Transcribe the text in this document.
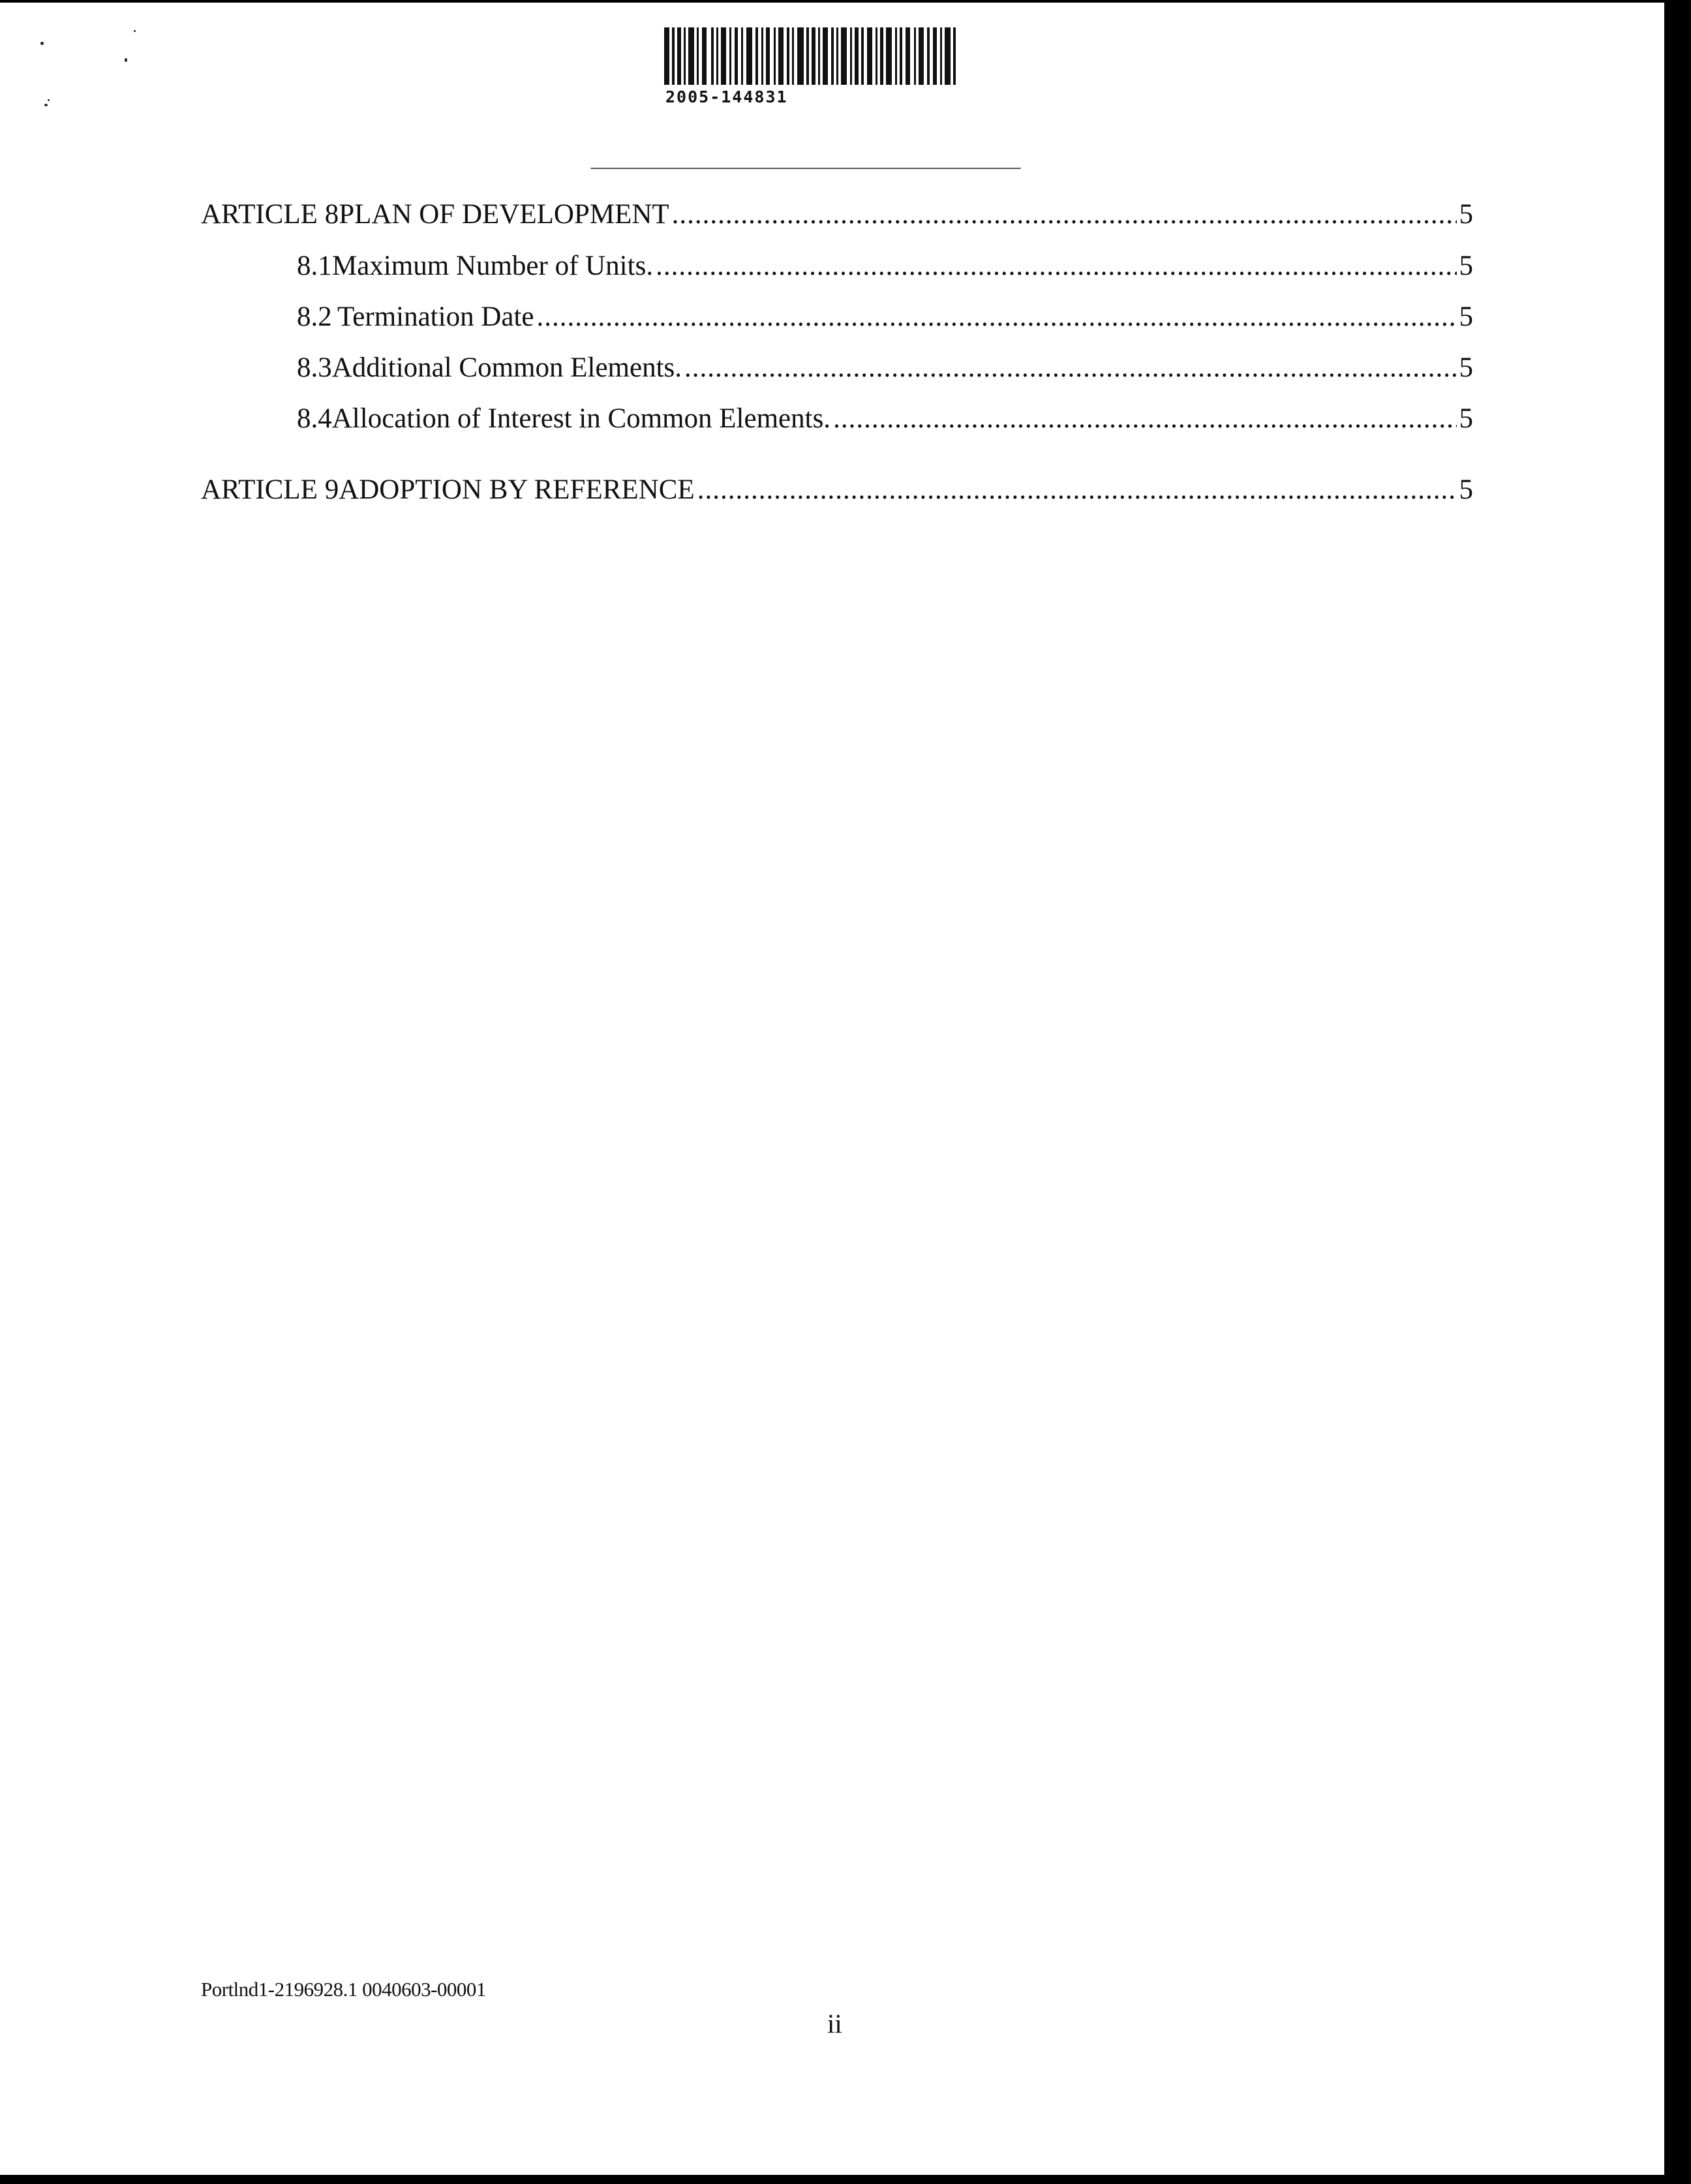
2005-144831
ARTICLE 8 PLAN OF DEVELOPMENT .....	5
8.1 Maximum Number of Units. .....	5
8.2 Termination Date .....	5
8.3 Additional Common Elements. .....	5
8.4 Allocation of Interest in Common Elements. .....	5
ARTICLE 9 ADOPTION BY REFERENCE .....	5
Portlnd1-2196928.1 0040603-00001
ii
